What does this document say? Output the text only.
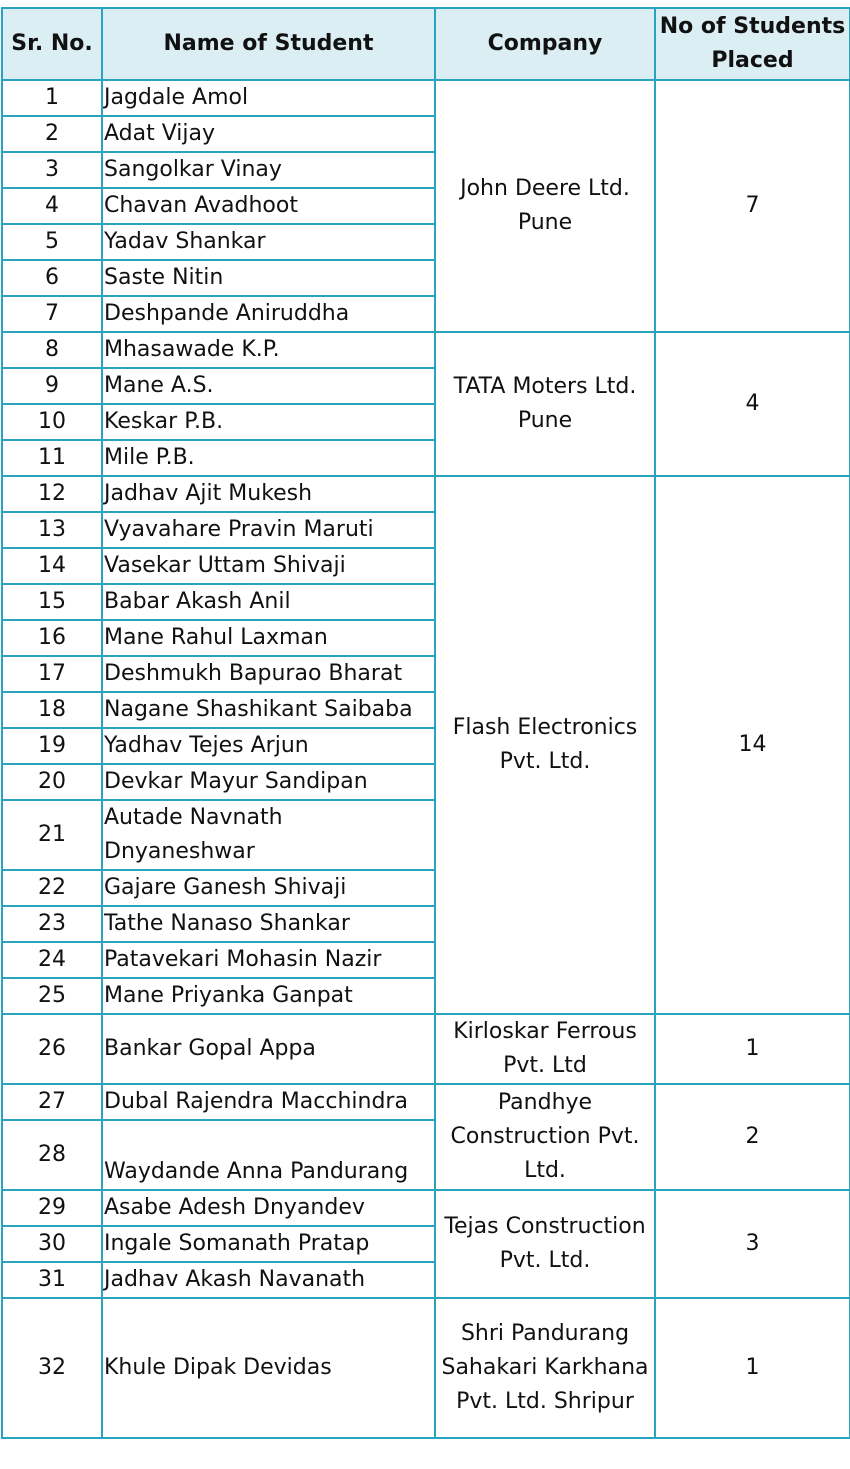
Sr. No.	Name of Student	Company	No of Students Placed
1	Jagdale Amol	John Deere Ltd. Pune	7
2	Adat Vijay		
3	Sangolkar Vinay		
4	Chavan Avadhoot		
5	Yadav Shankar		
6	Saste Nitin		
7	Deshpande Aniruddha		
8	Mhasawade K.P.	TATA Moters Ltd. Pune	4
9	Mane A.S.		
10	Keskar P.B.		
11	Mile P.B.		
12	Jadhav Ajit Mukesh	Flash Electronics Pvt. Ltd.	14
13	Vyavahare Pravin Maruti		
14	Vasekar Uttam Shivaji		
15	Babar Akash Anil		
16	Mane Rahul Laxman		
17	Deshmukh Bapurao Bharat		
18	Nagane Shashikant Saibaba		
19	Yadhav Tejes Arjun		
20	Devkar Mayur Sandipan		
21	Autade Navnath Dnyaneshwar		

22	Gajare Ganesh Shivaji		
23	Tathe Nanaso Shankar		
24	Patavekari Mohasin Nazir		
25	Mane Priyanka Ganpat		
26	Bankar Gopal Appa	Kirloskar Ferrous Pvt. Ltd	1
27	Dubal Rajendra Macchindra	Pandhye Construction Pvt. Ltd.	2
28	Waydande Anna Pandurang		
29	Asabe Adesh Dnyandev	Tejas Construction Pvt. Ltd.	3
30	Ingale Somanath Pratap		
31	Jadhav Akash Navanath		
32	Khule Dipak Devidas	Shri Pandurang Sahakari Karkhana Pvt. Ltd. Shripur	1
